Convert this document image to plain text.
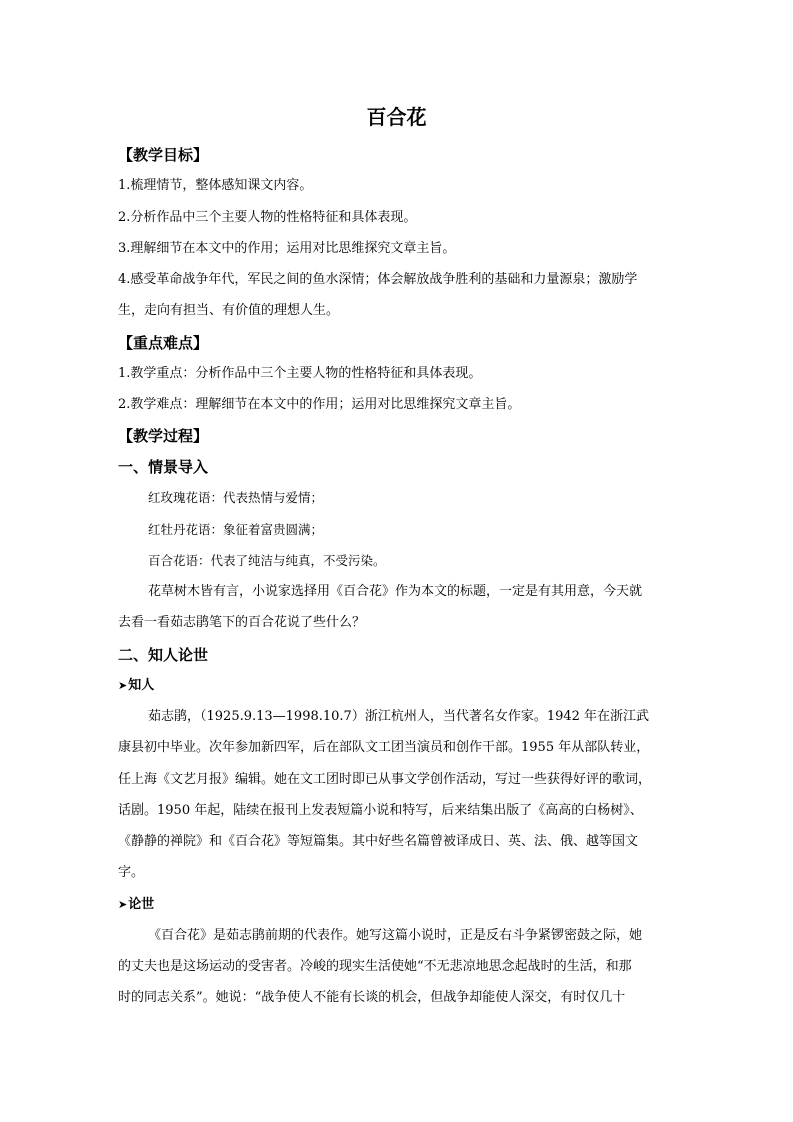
百合花
【教学目标】
1.梳理情节，整体感知课文内容。
2.分析作品中三个主要人物的性格特征和具体表现。
3.理解细节在本文中的作用；运用对比思维探究文章主旨。
4.感受革命战争年代，军民之间的鱼水深情；体会解放战争胜利的基础和力量源泉；激励学
生，走向有担当、有价值的理想人生。
【重点难点】
1.教学重点：分析作品中三个主要人物的性格特征和具体表现。
2.教学难点：理解细节在本文中的作用；运用对比思维探究文章主旨。
【教学过程】
一、情景导入
红玫瑰花语：代表热情与爱情；
红牡丹花语：象征着富贵圆满；
百合花语：代表了纯洁与纯真，不受污染。
花草树木皆有言，小说家选择用《百合花》作为本文的标题，一定是有其用意，今天就
去看一看茹志鹃笔下的百合花说了些什么？
二、知人论世
➤知人
茹志鹃，（1925.9.13—1998.10.7）浙江杭州人，当代著名女作家。1942 年在浙江武
康县初中毕业。次年参加新四军，后在部队文工团当演员和创作干部。1955 年从部队转业，
任上海《文艺月报》编辑。她在文工团时即已从事文学创作活动，写过一些获得好评的歌词，
话剧。1950 年起，陆续在报刊上发表短篇小说和特写，后来结集出版了《高高的白杨树》、
《静静的禅院》和《百合花》等短篇集。其中好些名篇曾被译成日、英、法、俄、越等国文
字。
➤论世
《百合花》是茹志鹃前期的代表作。她写这篇小说时，正是反右斗争紧锣密鼓之际，她
的丈夫也是这场运动的受害者。冷峻的现实生活使她“不无悲凉地思念起战时的生活，和那
时的同志关系”。她说：“战争使人不能有长谈的机会，但战争却能使人深交，有时仅几十
